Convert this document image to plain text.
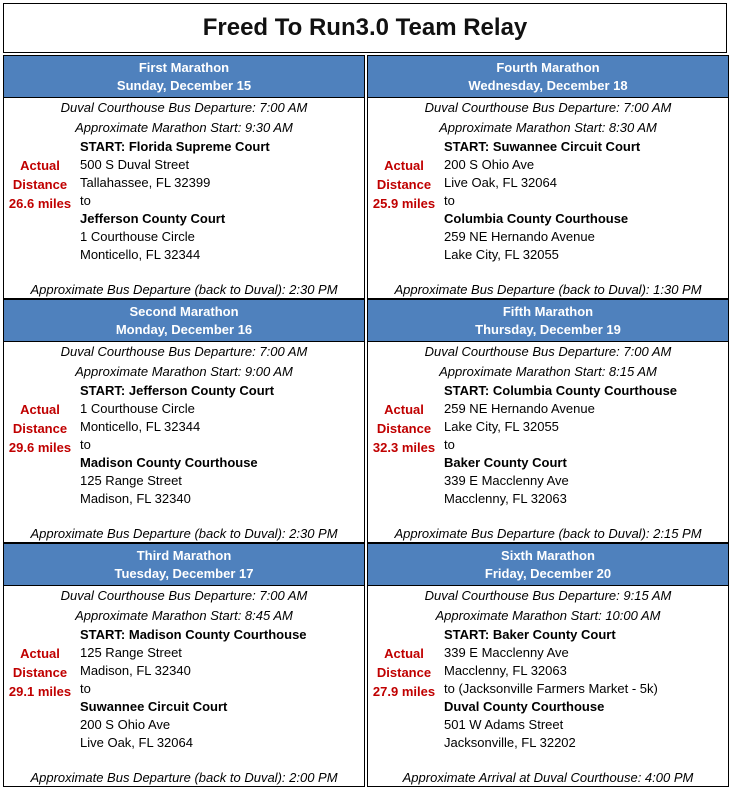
Freed To Run3.0 Team Relay
First Marathon
Sunday, December 15
Duval Courthouse Bus Departure: 7:00 AM
Approximate Marathon Start: 9:30 AM
Actual
Distance
26.6 miles
START: Florida Supreme Court
500 S Duval Street
Tallahassee, FL 32399
to
Jefferson County Court
1 Courthouse Circle
Monticello, FL 32344
Approximate Bus Departure (back to Duval): 2:30 PM
Fourth Marathon
Wednesday, December 18
Duval Courthouse Bus Departure: 7:00 AM
Approximate Marathon Start: 8:30 AM
Actual
Distance
25.9 miles
START: Suwannee Circuit Court
200 S Ohio Ave
Live Oak, FL 32064
to
Columbia County Courthouse
259 NE Hernando Avenue
Lake City, FL 32055
Approximate Bus Departure (back to Duval): 1:30 PM
Second Marathon
Monday, December 16
Duval Courthouse Bus Departure: 7:00 AM
Approximate Marathon Start: 9:00 AM
Actual
Distance
29.6 miles
START: Jefferson County Court
1 Courthouse Circle
Monticello, FL 32344
to
Madison County Courthouse
125 Range Street
Madison, FL 32340
Approximate Bus Departure (back to Duval): 2:30 PM
Fifth Marathon
Thursday, December 19
Duval Courthouse Bus Departure: 7:00 AM
Approximate Marathon Start: 8:15 AM
Actual
Distance
32.3 miles
START: Columbia County Courthouse
259 NE Hernando Avenue
Lake City, FL 32055
to
Baker County Court
339 E Macclenny Ave
Macclenny, FL 32063
Approximate Bus Departure (back to Duval): 2:15 PM
Third Marathon
Tuesday, December 17
Duval Courthouse Bus Departure: 7:00 AM
Approximate Marathon Start: 8:45 AM
Actual
Distance
29.1 miles
START: Madison County Courthouse
125 Range Street
Madison, FL 32340
to
Suwannee Circuit Court
200 S Ohio Ave
Live Oak, FL 32064
Approximate Bus Departure (back to Duval): 2:00 PM
Sixth Marathon
Friday, December 20
Duval Courthouse Bus Departure: 9:15 AM
Approximate Marathon Start: 10:00 AM
Actual
Distance
27.9 miles
START: Baker County Court
339 E Macclenny Ave
Macclenny, FL 32063
to (Jacksonville Farmers Market - 5k)
Duval County Courthouse
501 W Adams Street
Jacksonville, FL 32202
Approximate Arrival at Duval Courthouse: 4:00 PM
